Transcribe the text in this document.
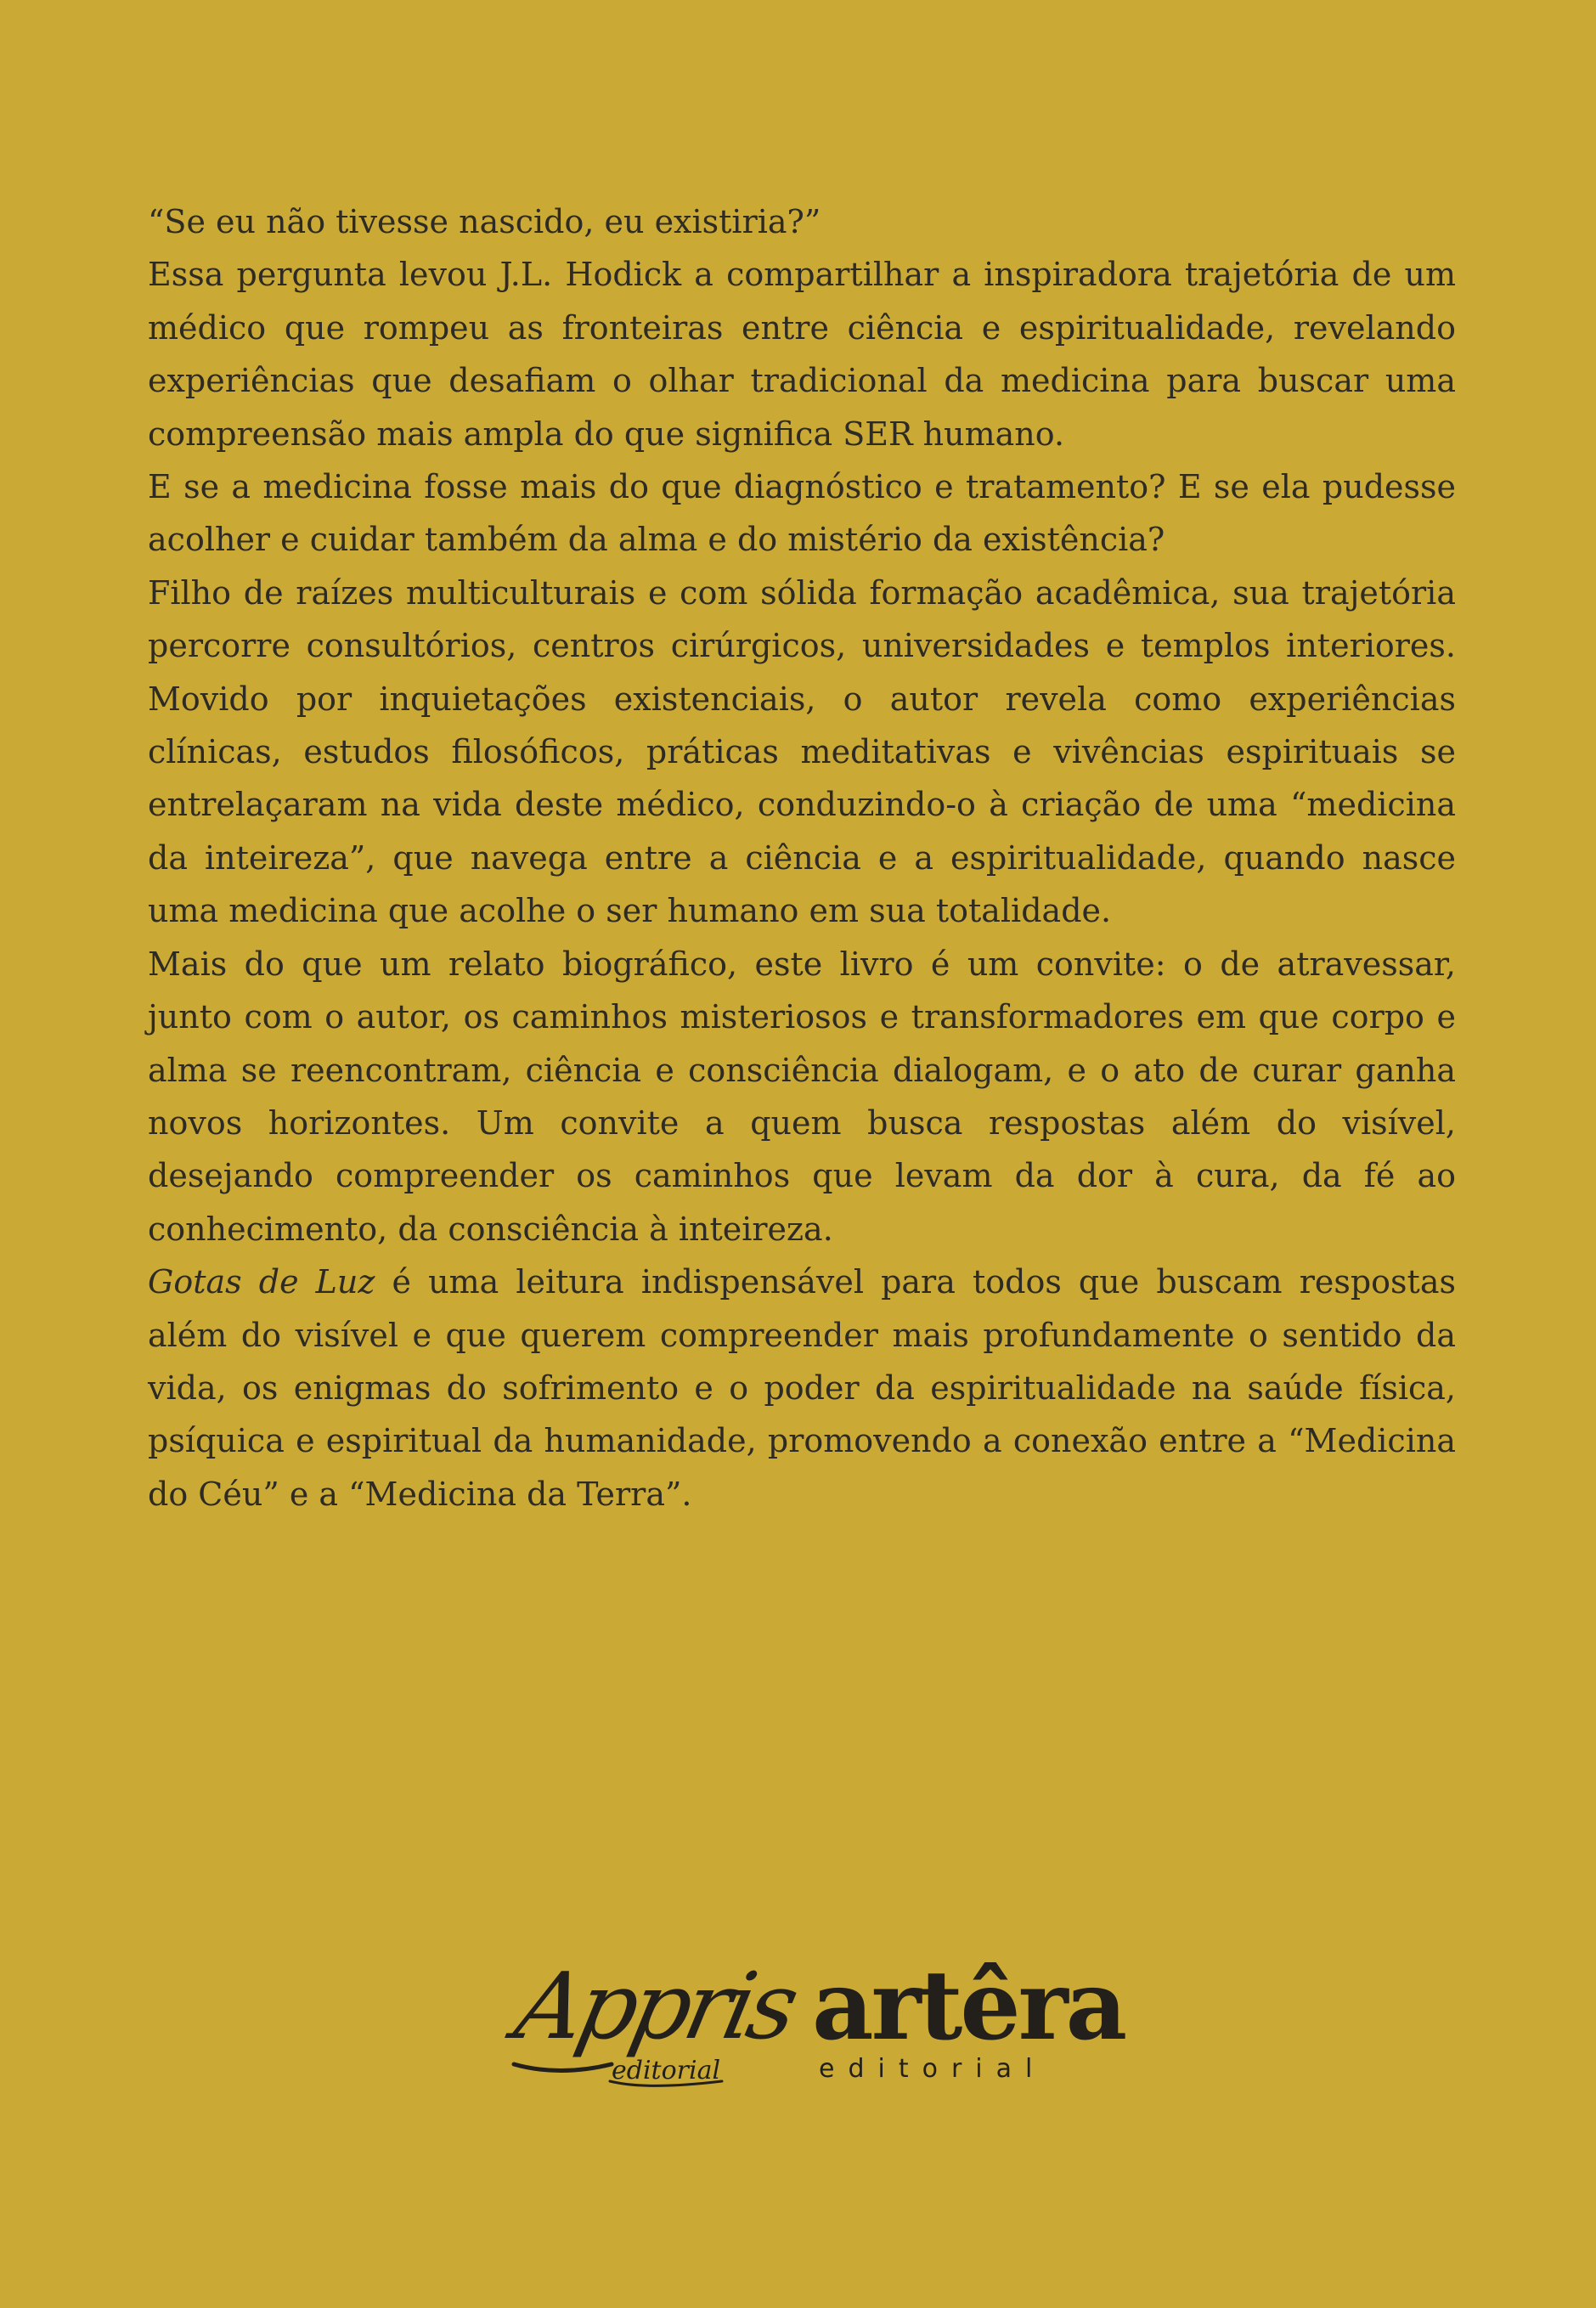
“Se eu não tivesse nascido, eu existiria?”

Essa pergunta levou J.L. Hodick a compartilhar a inspiradora trajetória de um médico que rompeu as fronteiras entre ciência e espiritualidade, revelando experiências que desafiam o olhar tradicional da medicina para buscar uma compreensão mais ampla do que significa SER humano.

E se a medicina fosse mais do que diagnóstico e tratamento? E se ela pudesse acolher e cuidar também da alma e do mistério da existência?

Filho de raízes multiculturais e com sólida formação acadêmica, sua trajetória percorre consultórios, centros cirúrgicos, universidades e templos interiores. Movido por inquietações existenciais, o autor revela como experiências clínicas, estudos filosóficos, práticas meditativas e vivências espirituais se entrelaçaram na vida deste médico, conduzindo-o à criação de uma “medicina da inteireza”, que navega entre a ciência e a espiritualidade, quando nasce uma medicina que acolhe o ser humano em sua totalidade.

Mais do que um relato biográfico, este livro é um convite: o de atravessar, junto com o autor, os caminhos misteriosos e transformadores em que corpo e alma se reencontram, ciência e consciência dialogam, e o ato de curar ganha novos horizontes. Um convite a quem busca respostas além do visível, desejando compreender os caminhos que levam da dor à cura, da fé ao conhecimento, da consciência à inteireza.

Gotas de Luz é uma leitura indispensável para todos que buscam respostas além do visível e que querem compreender mais profundamente o sentido da vida, os enigmas do sofrimento e o poder da espiritualidade na saúde física, psíquica e espiritual da humanidade, promovendo a conexão entre a “Medicina do Céu” e a “Medicina da Terra”.

Appris
editorial
artêra
editorial
